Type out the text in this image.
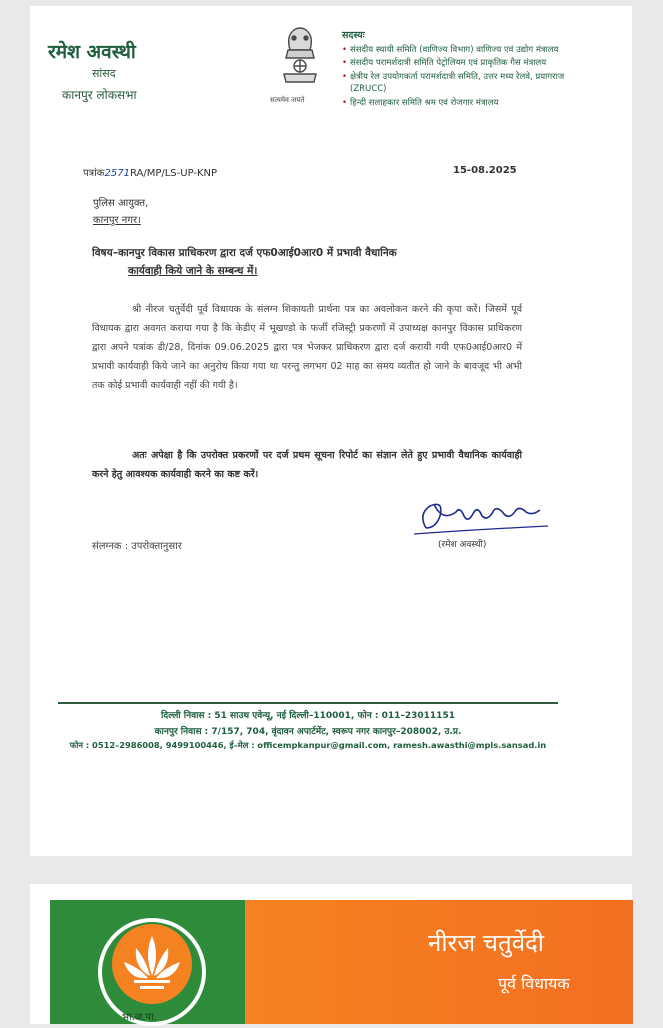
रमेश अवस्थी
सांसद
कानपुर लोकसभा	सत्यमेव जयते
सदस्यः
• संसदीय स्थायी समिति (वाणिज्य विभाग) वाणिज्य एवं उद्योग मंत्रालय
• संसदीय परामर्शदात्री समिति पेट्रोलियम एवं प्राकृतिक गैस मंत्रालय
• क्षेत्रीय रेल उपयोगकर्ता परामर्शदात्री समिति, उत्तर मध्य रेलवे, प्रयागराज (ZRUCC)
• हिन्दी सलाहकार समिति श्रम एवं रोजगार मंत्रालय
पत्रांक2571RA/MP/LS-UP-KNP	15-08.2025
पुलिस आयुक्त,
कानपुर नगर।
विषय–कानपुर विकास प्राधिकरण द्वारा दर्ज एफ0आई0आर0 में प्रभावी वैधानिक
कार्यवाही किये जाने के सम्बन्ध में।
श्री नीरज चतुर्वेदी पूर्व विधायक के संलग्न शिकायती प्रार्थना पत्र का अवलोकन करने की कृपा करें। जिसमें पूर्व विधायक द्वारा अवगत कराया गया है कि केडीए में भूखण्डो के फर्जी रजिस्ट्री प्रकरणों में उपाध्यक्ष कानपुर विकास प्राधिकरण द्वारा अपने पत्रांक डी/28, दिनांक 09.06.2025 द्वारा पत्र भेजकर प्राधिकरण द्वारा दर्ज करायी गयी एफ0आई0आर0 में प्रभावी कार्यवाही किये जाने का अनुरोध किया गया था परन्तु लगभग 02 माह का समय व्यतीत हो जाने के बावजूद भी अभी तक कोई प्रभावी कार्यवाही नहीं की गयी है।
अतः अपेक्षा है कि उपरोक्त प्रकरणों पर दर्ज प्रथम सूचना रिपोर्ट का संज्ञान लेते हुए प्रभावी वैधानिक कार्यवाही करने हेतु आवश्यक कार्यवाही करने का कष्ट करें।
(रमेश अवस्थी)
संलग्नक : उपरोक्तानुसार
दिल्ली निवास : 51 साउथ एवेन्यू, नई दिल्ली–110001, फोन : 011–23011151
कानपुर निवास : 7/157, 704, वृंदावन अपार्टमेंट, स्वरूप नगर कानपुर–208002, उ.प्र.
फोन : 0512–2986008, 9499100446, ई–मेल : officempkanpur@gmail.com, ramesh.awasthi@mpls.sansad.in
भा.ज.पा.
नीरज चतुर्वेदी
पूर्व विधायक
